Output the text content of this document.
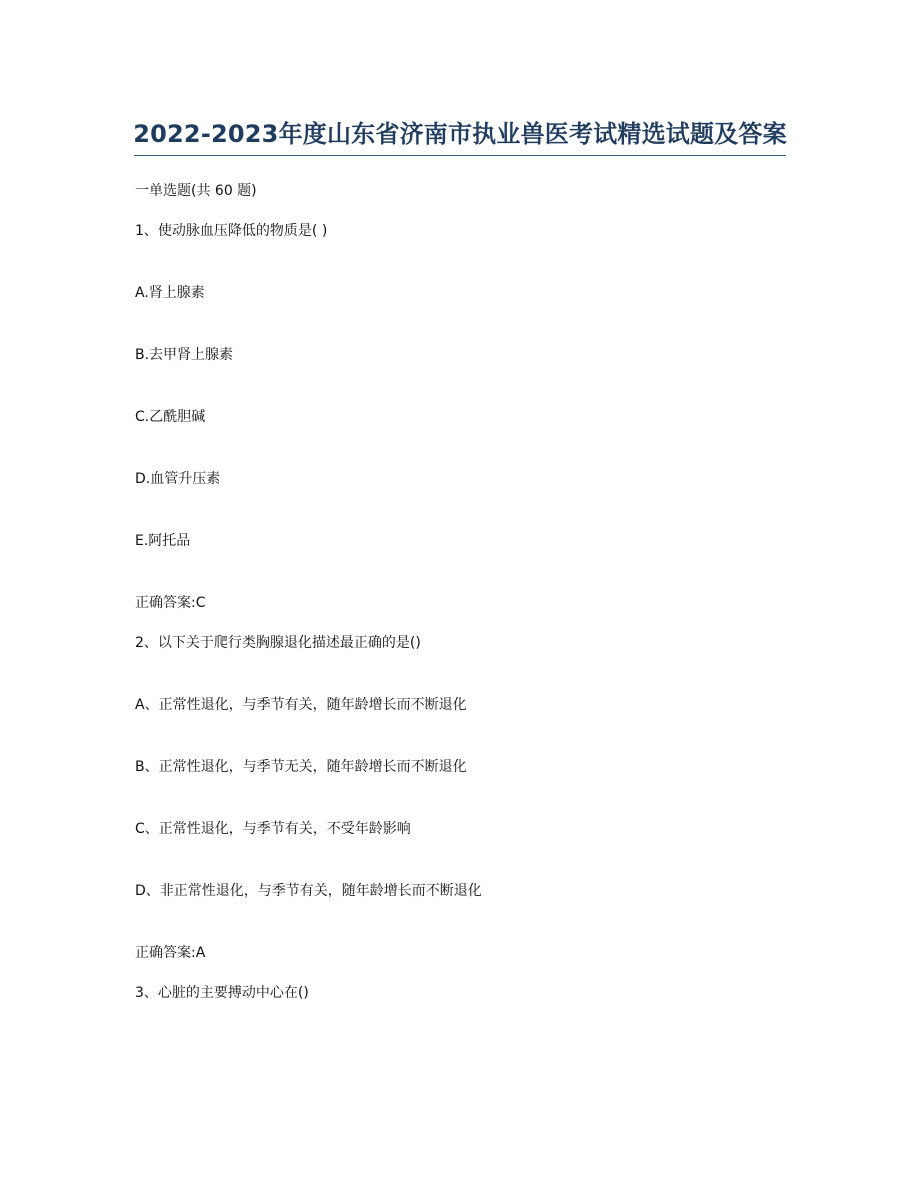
2022-2023年度山东省济南市执业兽医考试精选试题及答案
一单选题(共 60 题)
1、使动脉血压降低的物质是( )
A.肾上腺素
B.去甲肾上腺素
C.乙酰胆碱
D.血管升压素
E.阿托品
正确答案:C
2、以下关于爬行类胸腺退化描述最正确的是()
A、正常性退化，与季节有关，随年龄增长而不断退化
B、正常性退化，与季节无关，随年龄增长而不断退化
C、正常性退化，与季节有关，不受年龄影响
D、非正常性退化，与季节有关，随年龄增长而不断退化
正确答案:A
3、心脏的主要搏动中心在()
